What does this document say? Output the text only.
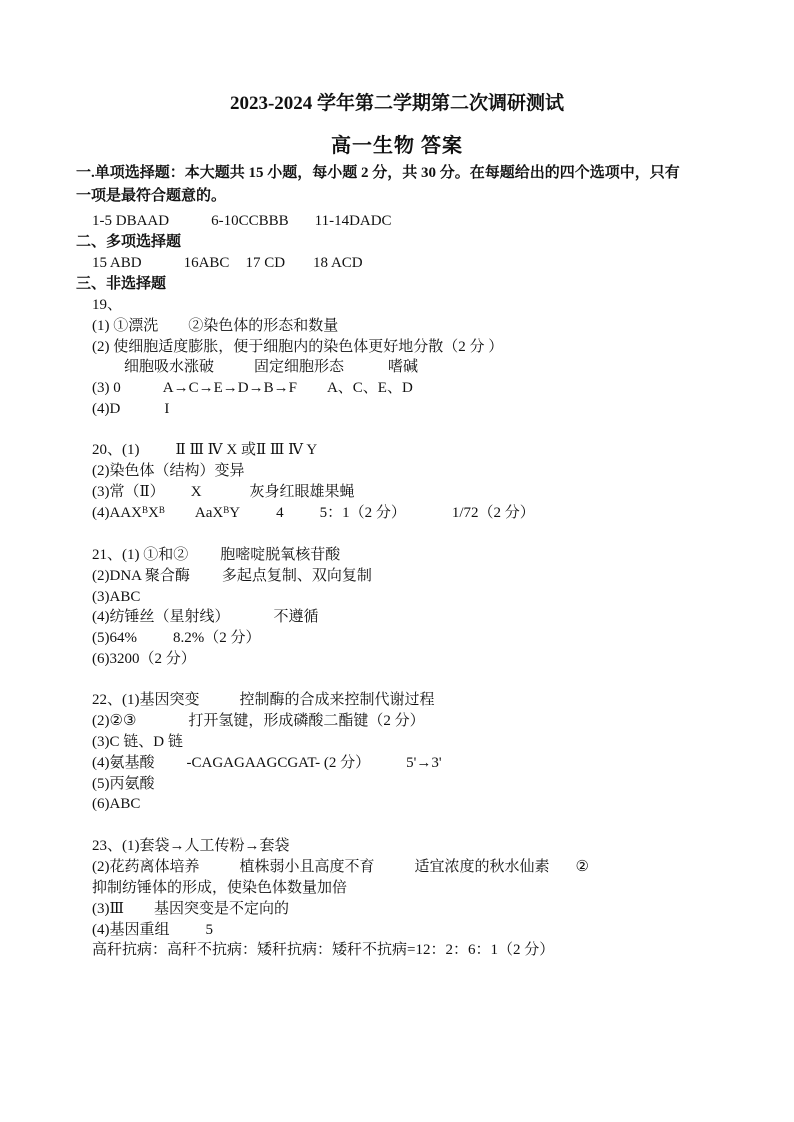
2023-2024 学年第二学期第二次调研测试
高一生物 答案
一.单项选择题：本大题共 15 小题，每小题 2 分，共 30 分。在每题给出的四个选项中，只有
一项是最符合题意的。
1-5 DBAAD	6-10CCBBB 11-14DADC
二、多项选择题
15 ABD	16ABC 17 CD 18 ACD
三、非选择题
19、
(1) ①漂洗 ②染色体的形态和数量
(2) 使细胞适度膨胀，便于细胞内的染色体更好地分散（2 分 ）
细胞吸水涨破	固定细胞形态	嗜碱
(3) 0	A→C→E→D→B→F A、C、E、D
(4)D	I
20、(1) Ⅱ Ⅲ Ⅳ X 或Ⅱ Ⅲ Ⅳ Y
(2)染色体（结构）变异
(3)常（Ⅱ） X	灰身红眼雄果蝇
$(4)AAX^BX^B$ AaX$^B$Y 4 5：1（2 分）	1/72（2 分）
21、(1) ①和② 胞嘧啶脱氧核苷酸
(2)DNA 聚合酶 多起点复制、双向复制
(3)ABC
(4)纺锤丝（星射线）	不遵循
(5)64% 8.2%（2 分）
(6)3200（2 分）
22、(1)基因突变	控制酶的合成来控制代谢过程
(2)②③	打开氢键，形成磷酸二酯键（2 分）
(3)C 链、D 链
(4)氨基酸 -CAGAGAAGCGAT- (2 分） 5'→3'
(5)丙氨酸
(6)ABC
23、(1)套袋→人工传粉→套袋
(2)花药离体培养	植株弱小且高度不育	适宜浓度的秋水仙素 ②
抑制纺锤体的形成，使染色体数量加倍
(3)Ⅲ 基因突变是不定向的
(4)基因重组 5
高秆抗病：高秆不抗病：矮秆抗病：矮秆不抗病=12：2：6：1（2 分）
